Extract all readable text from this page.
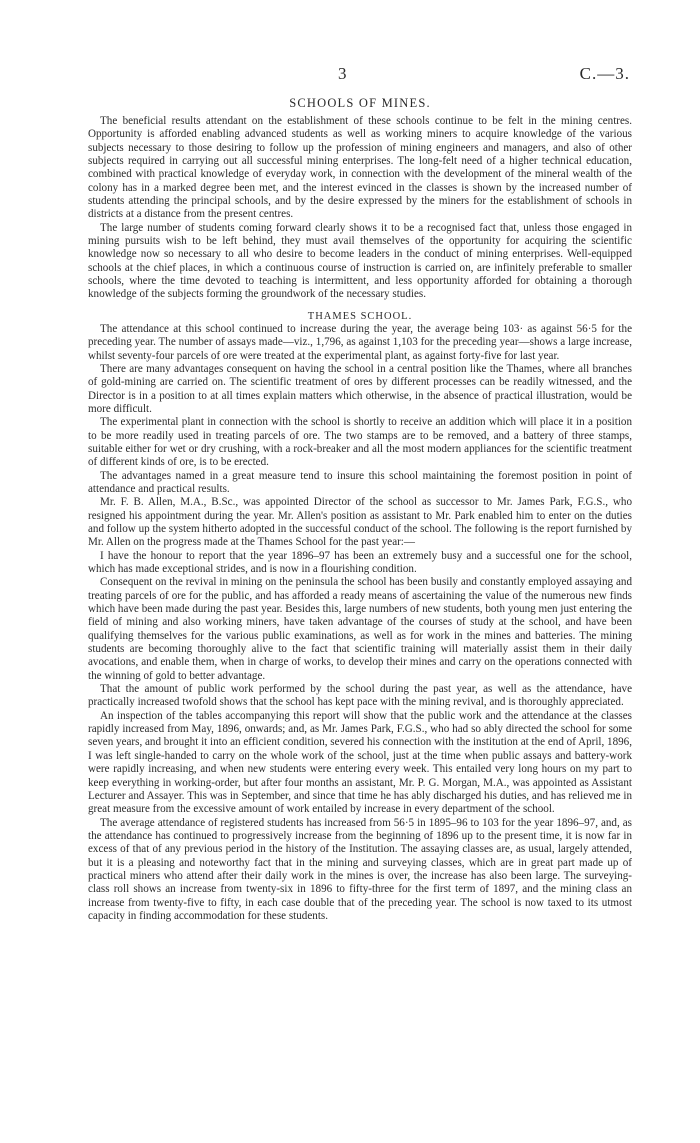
3	C.—3.
SCHOOLS OF MINES.

The beneficial results attendant on the establishment of these schools continue to be felt in the mining centres. Opportunity is afforded enabling advanced students as well as working miners to acquire knowledge of the various subjects necessary to those desiring to follow up the profession of mining engineers and managers, and also of other subjects required in carrying out all successful mining enterprises. The long-felt need of a higher technical education, combined with practical knowledge of everyday work, in connection with the development of the mineral wealth of the colony has in a marked degree been met, and the interest evinced in the classes is shown by the increased number of students attending the principal schools, and by the desire expressed by the miners for the establishment of schools in districts at a distance from the present centres.

The large number of students coming forward clearly shows it to be a recognised fact that, unless those engaged in mining pursuits wish to be left behind, they must avail themselves of the opportunity for acquiring the scientific knowledge now so necessary to all who desire to become leaders in the conduct of mining enterprises. Well-equipped schools at the chief places, in which a continuous course of instruction is carried on, are infinitely preferable to smaller schools, where the time devoted to teaching is intermittent, and less opportunity afforded for obtaining a thorough knowledge of the subjects forming the groundwork of the necessary studies.

THAMES SCHOOL.

The attendance at this school continued to increase during the year, the average being 103· as against 56·5 for the preceding year. The number of assays made—viz., 1,796, as against 1,103 for the preceding year—shows a large increase, whilst seventy-four parcels of ore were treated at the experimental plant, as against forty-five for last year.

There are many advantages consequent on having the school in a central position like the Thames, where all branches of gold-mining are carried on. The scientific treatment of ores by different processes can be readily witnessed, and the Director is in a position to at all times explain matters which otherwise, in the absence of practical illustration, would be more difficult.

The experimental plant in connection with the school is shortly to receive an addition which will place it in a position to be more readily used in treating parcels of ore. The two stamps are to be removed, and a battery of three stamps, suitable either for wet or dry crushing, with a rock-breaker and all the most modern appliances for the scientific treatment of different kinds of ore, is to be erected.

The advantages named in a great measure tend to insure this school maintaining the foremost position in point of attendance and practical results.

Mr. F. B. Allen, M.A., B.Sc., was appointed Director of the school as successor to Mr. James Park, F.G.S., who resigned his appointment during the year. Mr. Allen's position as assistant to Mr. Park enabled him to enter on the duties and follow up the system hitherto adopted in the successful conduct of the school. The following is the report furnished by Mr. Allen on the progress made at the Thames School for the past year:—

I have the honour to report that the year 1896–97 has been an extremely busy and a successful one for the school, which has made exceptional strides, and is now in a flourishing condition.

Consequent on the revival in mining on the peninsula the school has been busily and constantly employed assaying and treating parcels of ore for the public, and has afforded a ready means of ascertaining the value of the numerous new finds which have been made during the past year. Besides this, large numbers of new students, both young men just entering the field of mining and also working miners, have taken advantage of the courses of study at the school, and have been qualifying themselves for the various public examinations, as well as for work in the mines and batteries. The mining students are becoming thoroughly alive to the fact that scientific training will materially assist them in their daily avocations, and enable them, when in charge of works, to develop their mines and carry on the operations connected with the winning of gold to better advantage.

That the amount of public work performed by the school during the past year, as well as the attendance, have practically increased twofold shows that the school has kept pace with the mining revival, and is thoroughly appreciated.

An inspection of the tables accompanying this report will show that the public work and the attendance at the classes rapidly increased from May, 1896, onwards; and, as Mr. James Park, F.G.S., who had so ably directed the school for some seven years, and brought it into an efficient condition, severed his connection with the institution at the end of April, 1896, I was left single-handed to carry on the whole work of the school, just at the time when public assays and battery-work were rapidly increasing, and when new students were entering every week. This entailed very long hours on my part to keep everything in working-order, but after four months an assistant, Mr. P. G. Morgan, M.A., was appointed as Assistant Lecturer and Assayer. This was in September, and since that time he has ably discharged his duties, and has relieved me in great measure from the excessive amount of work entailed by increase in every department of the school.

The average attendance of registered students has increased from 56·5 in 1895–96 to 103 for the year 1896–97, and, as the attendance has continued to progressively increase from the beginning of 1896 up to the present time, it is now far in excess of that of any previous period in the history of the Institution. The assaying classes are, as usual, largely attended, but it is a pleasing and noteworthy fact that in the mining and surveying classes, which are in great part made up of practical miners who attend after their daily work in the mines is over, the increase has also been large. The surveying-class roll shows an increase from twenty-six in 1896 to fifty-three for the first term of 1897, and the mining class an increase from twenty-five to fifty, in each case double that of the preceding year. The school is now taxed to its utmost capacity in finding accommodation for these students.
